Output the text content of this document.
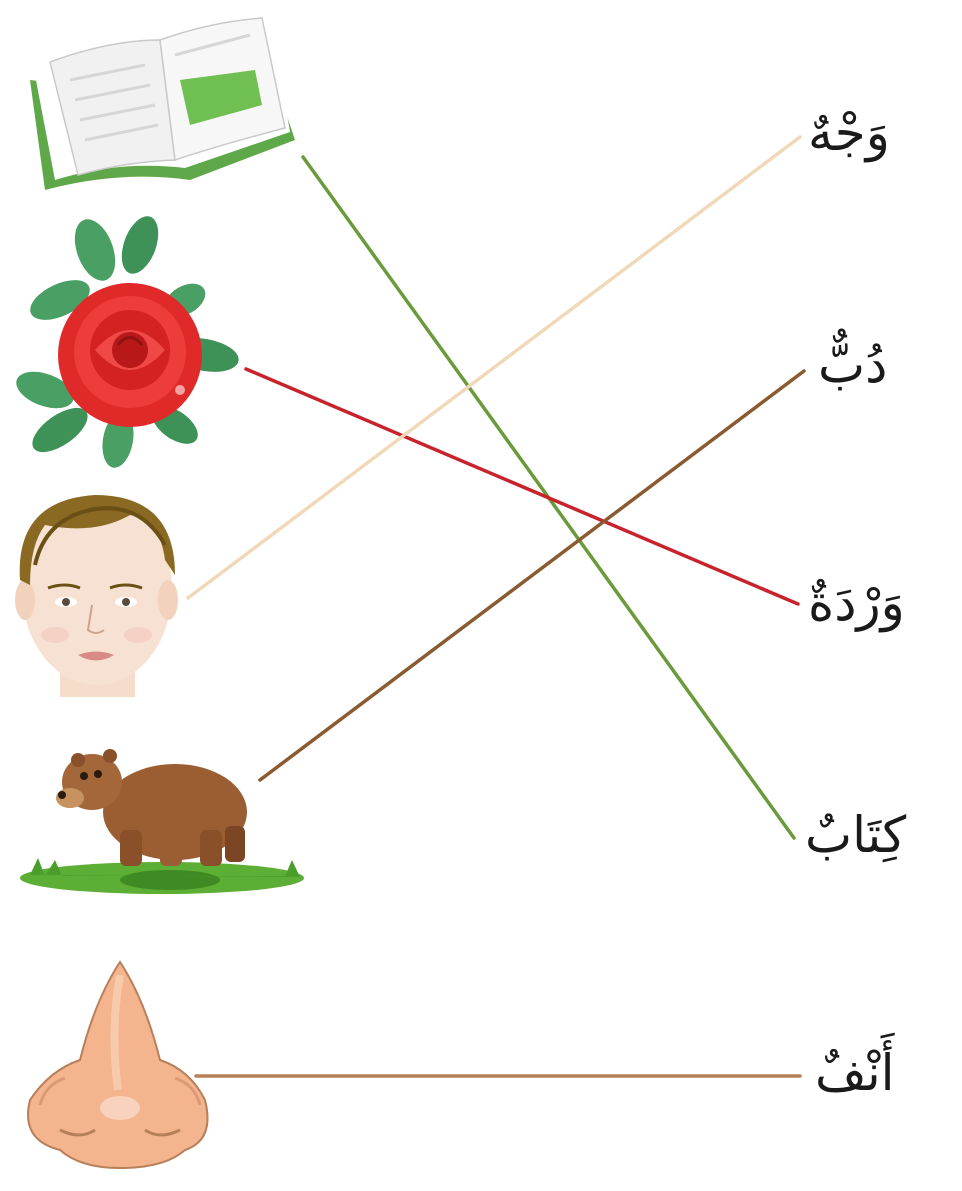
وَجْهٌ
دُبٌّ
وَرْدَةٌ
كِتَابٌ
أَنْفٌ
